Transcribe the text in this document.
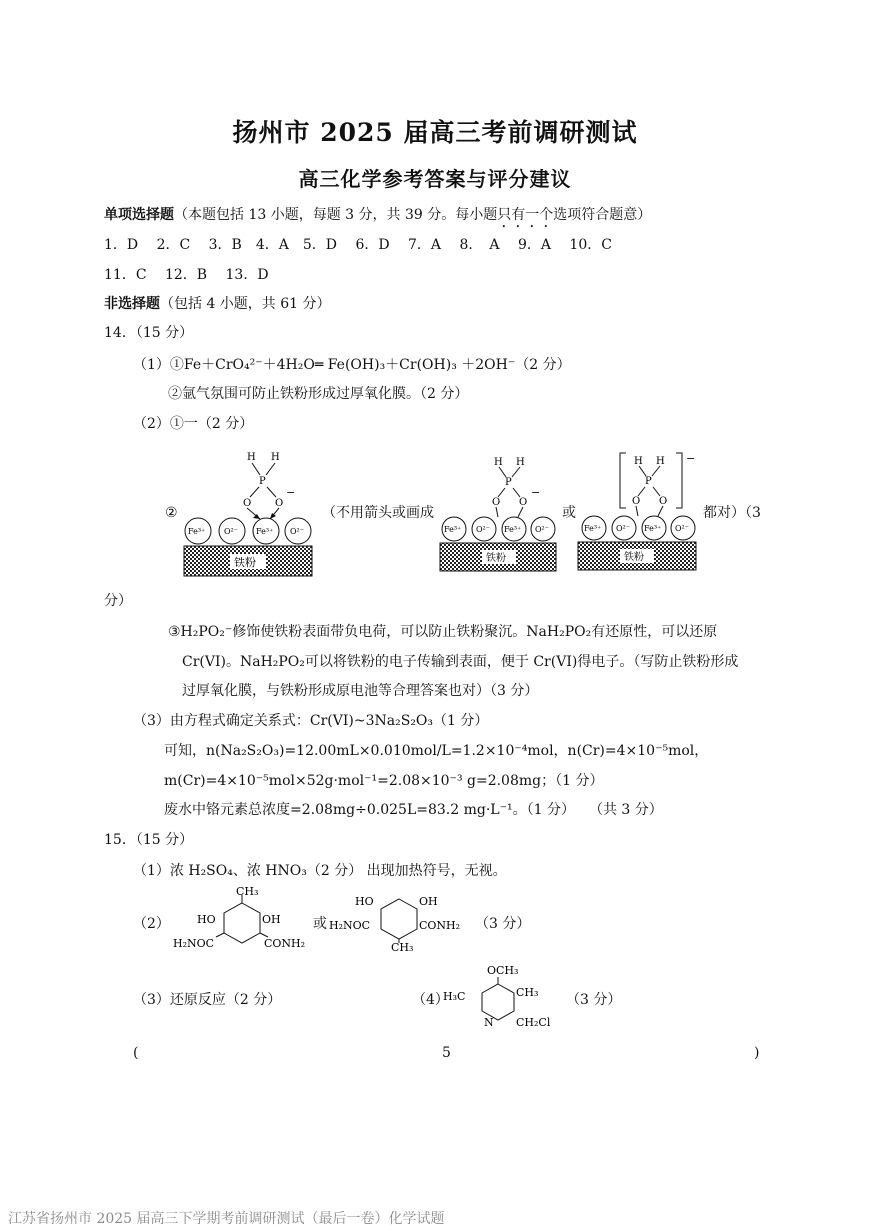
扬州市 2025 届高三考前调研测试
高三化学参考答案与评分建议
单项选择题（本题包括 13 小题，每题 3 分，共 39 分。每小题只有一个选项符合题意）
1．D　 2．C　 3．B　4．A　5．D　 6．D　 7．A　 8．　A　 9．A　 10．C
11．C　 12．B　 13．D
非选择题（包括 4 小题，共 61 分）
14．（15 分）
（1）①Fe＋CrO₄²⁻＋4H₂O═ Fe(OH)₃＋Cr(OH)₃ ＋2OH⁻（2 分）
②氩气氛围可防止铁粉形成过厚氧化膜。（2 分）
（2）①一（2 分）
②	（不用箭头或画成	或	都对）（3
分）
H H
P
O O
−
Fe³⁺ O²⁻ Fe³⁺ O²⁻
铁粉
H H
P
O O
−
Fe³⁺ O²⁻ Fe³⁺ O²⁻
铁粉
−
H H
P
O O
Fe³⁺ O²⁻ Fe³⁺ O²⁻
铁粉
③H₂PO₂⁻修饰使铁粉表面带负电荷，可以防止铁粉聚沉。NaH₂PO₂有还原性，可以还原
Cr(VI)。NaH₂PO₂可以将铁粉的电子传输到表面，便于 Cr(VI)得电子。（写防止铁粉形成
过厚氧化膜，与铁粉形成原电池等合理答案也对）（3 分）
（3）由方程式确定关系式：Cr(VI)~3Na₂S₂O₃（1 分）
可知，n(Na₂S₂O₃)=12.00mL×0.010mol/L=1.2×10⁻⁴mol，n(Cr)=4×10⁻⁵mol，
m(Cr)=4×10⁻⁵mol×52g·mol⁻¹=2.08×10⁻³ g=2.08mg；（1 分）
废水中铬元素总浓度=2.08mg÷0.025L=83.2 mg·L⁻¹。（1 分）　　（共 3 分）
15．（15 分）
（1）浓 H₂SO₄、浓 HNO₃（2 分） 出现加热符号，无视。
（2）
CH₃
HO	OH
H₂NOC	CONH₂
或
HO	OH
H₂NOC	CONH₂
CH₃
（3 分）
（3）还原反应（2 分）	（4）
OCH₃
H₃C	CH₃
N CH₂Cl
（3 分）
(	5	)
江苏省扬州市 2025 届高三下学期考前调研测试（最后一卷）化学试题
